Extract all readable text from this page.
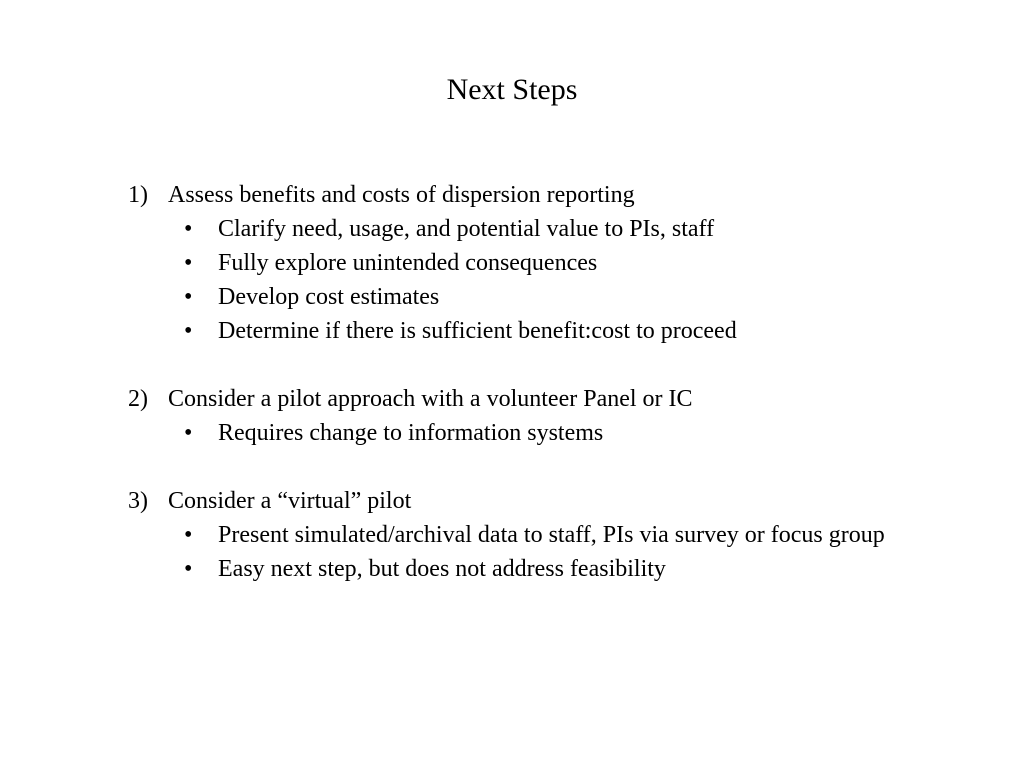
Next Steps
1) Assess benefits and costs of dispersion reporting
•	Clarify need, usage, and potential value to PIs, staff
•	Fully explore unintended consequences
•	Develop cost estimates
•	Determine if there is sufficient benefit:cost to proceed
2) Consider a pilot approach with a volunteer Panel or IC
•	Requires change to information systems
3) Consider a “virtual” pilot
•	Present simulated/archival data to staff, PIs via survey or focus group
•	Easy next step, but does not address feasibility
